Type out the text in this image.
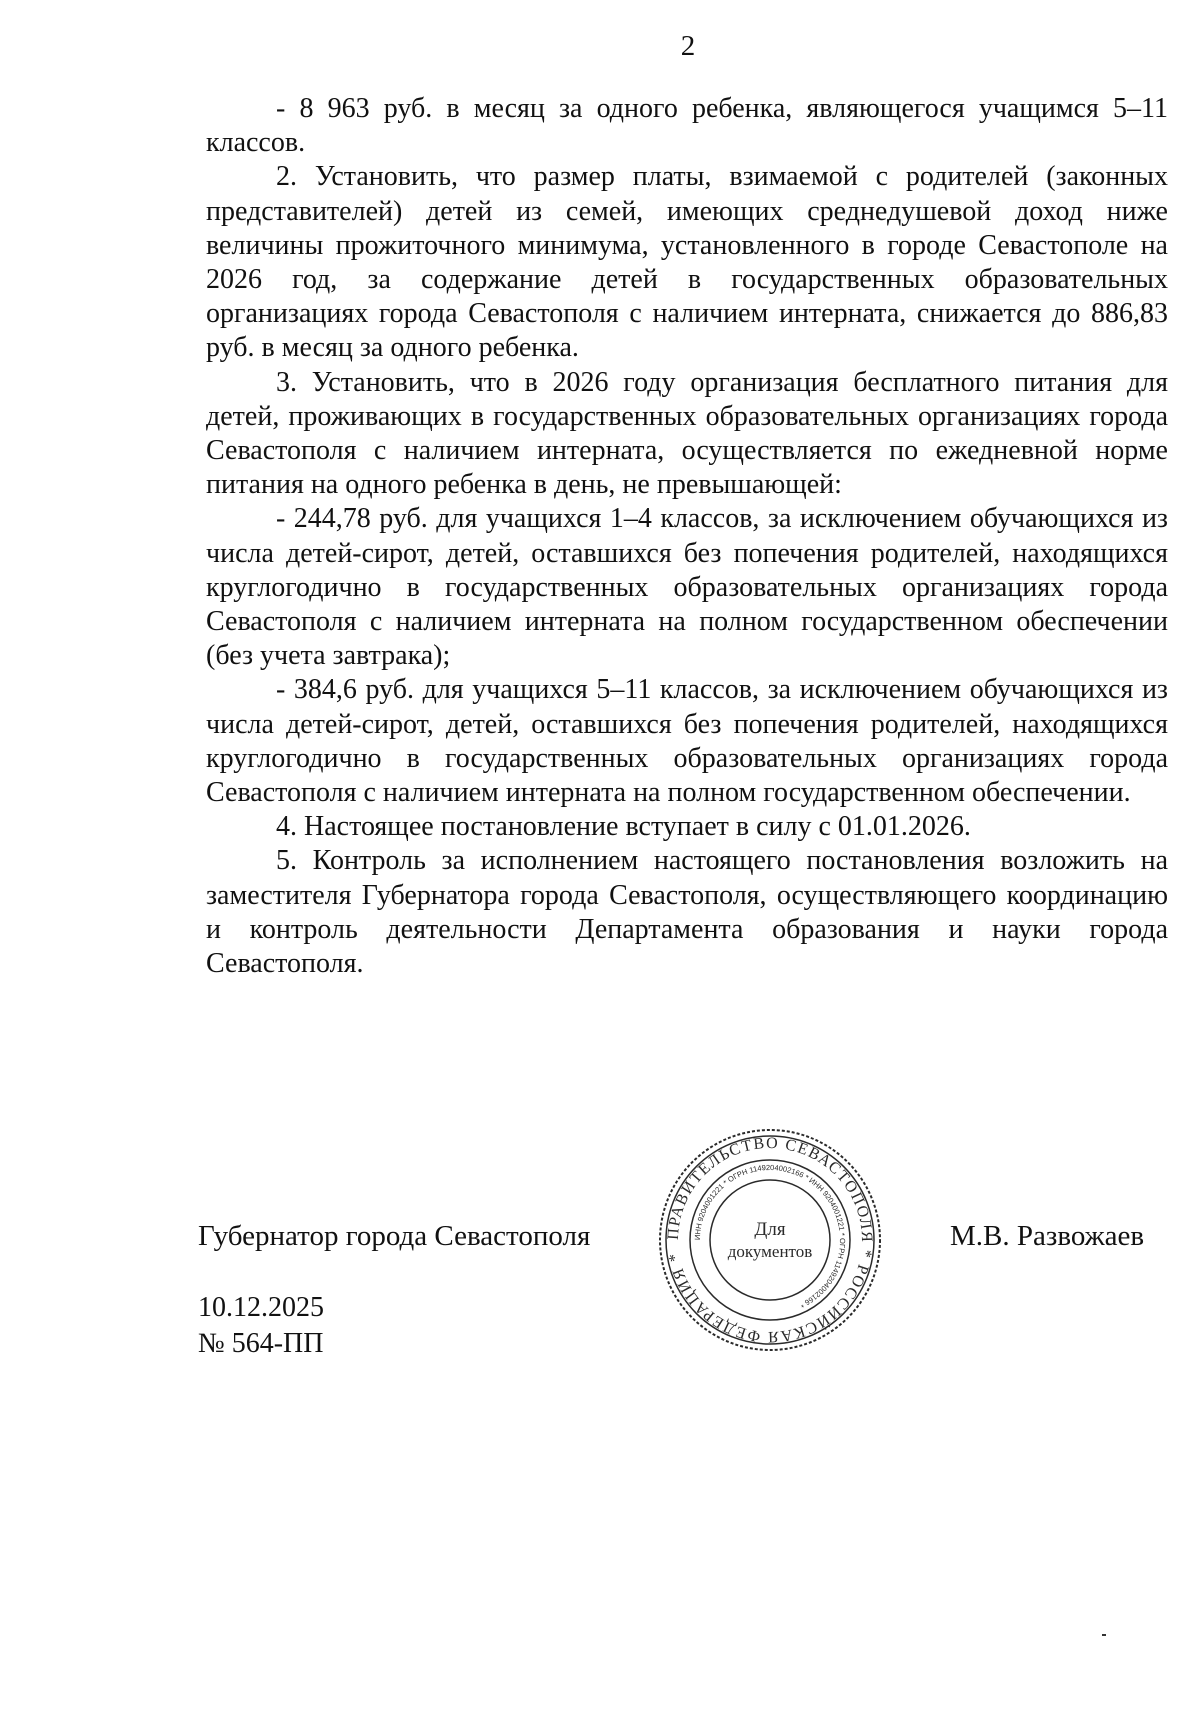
2

- 8 963 руб. в месяц за одного ребенка, являющегося учащимся 5–11 классов.

2. Установить, что размер платы, взимаемой с родителей (законных представителей) детей из семей, имеющих среднедушевой доход ниже величины прожиточного минимума, установленного в городе Севастополе на 2026 год, за содержание детей в государственных образовательных организациях города Севастополя с наличием интерната, снижается до 886,83 руб. в месяц за одного ребенка.

3. Установить, что в 2026 году организация бесплатного питания для детей, проживающих в государственных образовательных организациях города Севастополя с наличием интерната, осуществляется по ежедневной норме питания на одного ребенка в день, не превышающей:

- 244,78 руб. для учащихся 1–4 классов, за исключением обучающихся из числа детей-сирот, детей, оставшихся без попечения родителей, находящихся круглогодично в государственных образовательных организациях города Севастополя с наличием интерната на полном государственном обеспечении (без учета завтрака);

- 384,6 руб. для учащихся 5–11 классов, за исключением обучающихся из числа детей-сирот, детей, оставшихся без попечения родителей, находящихся круглогодично в государственных образовательных организациях города Севастополя с наличием интерната на полном государственном обеспечении.

4. Настоящее постановление вступает в силу с 01.01.2026.

5. Контроль за исполнением настоящего постановления возложить на заместителя Губернатора города Севастополя, осуществляющего координацию и контроль деятельности Департамента образования и науки города Севастополя.

Губернатор города Севастополя	М.В. Развожаев
10.12.2025
№ 564-ПП
ПРАВИТЕЛЬСТВО СЕВАСТОПОЛЯ * РОССИЙСКАЯ ФЕДЕРАЦИЯ *
ИНН 9204001221 * ОГРН 1149204002166 * ИНН 9204001221 * ОГРН 1149204002166 *
Для
документов
